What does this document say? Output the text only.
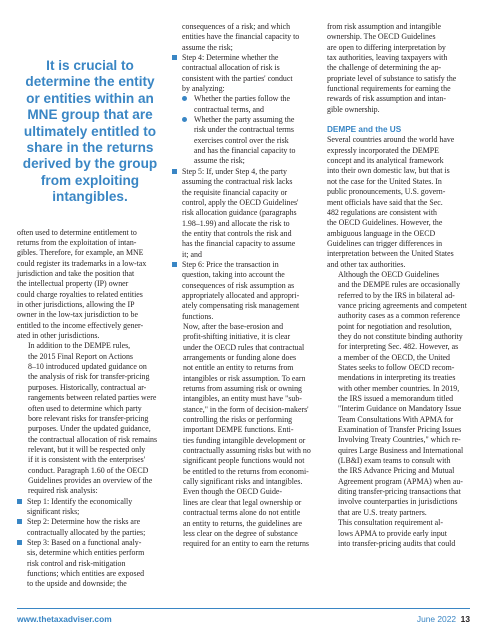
It is crucial to
determine the entity
or entities within an
MNE group that are
ultimately entitled to
share in the returns
derived by the group
from exploiting
intangibles.
often used to determine entitlement to
returns from the exploitation of intan-
gibles. Therefore, for example, an MNE
could register its trademarks in a low-tax
jurisdiction and take the position that
the intellectual property (IP) owner
could charge royalties to related entities
in other jurisdictions, allowing the IP
owner in the low-tax jurisdiction to be
entitled to the income effectively gener-
ated in other jurisdictions.
In addition to the DEMPE rules,
the 2015 Final Report on Actions
8–10 introduced updated guidance on
the analysis of risk for transfer-pricing
purposes. Historically, contractual ar-
rangements between related parties were
often used to determine which party
bore relevant risks for transfer-pricing
purposes. Under the updated guidance,
the contractual allocation of risk remains
relevant, but it will be respected only
if it is consistent with the enterprises'
conduct. Paragraph 1.60 of the OECD
Guidelines provides an overview of the
required risk analysis:
Step 1: Identify the economically
significant risks;
Step 2: Determine how the risks are
contractually allocated by the parties;
Step 3: Based on a functional analy-
sis, determine which entities perform
risk control and risk-mitigation
functions; which entities are exposed
to the upside and downside; the
consequences of a risk; and which
entities have the financial capacity to
assume the risk;
Step 4: Determine whether the
contractual allocation of risk is
consistent with the parties' conduct
by analyzing:
Whether the parties follow the
contractual terms, and
Whether the party assuming the
risk under the contractual terms
exercises control over the risk
and has the financial capacity to
assume the risk;
Step 5: If, under Step 4, the party
assuming the contractual risk lacks
the requisite financial capacity or
control, apply the OECD Guidelines'
risk allocation guidance (paragraphs
1.98–1.99) and allocate the risk to
the entity that controls the risk and
has the financial capacity to assume
it; and
Step 6: Price the transaction in
question, taking into account the
consequences of risk assumption as
appropriately allocated and appropri-
ately compensating risk management
functions.
Now, after the base-erosion and
profit-shifting initiative, it is clear
under the OECD rules that contractual
arrangements or funding alone does
not entitle an entity to returns from
intangibles or risk assumption. To earn
returns from assuming risk or owning
intangibles, an entity must have "sub-
stance," in the form of decision-makers'
controlling the risks or performing
important DEMPE functions. Enti-
ties funding intangible development or
contractually assuming risks but with no
significant people functions would not
be entitled to the returns from economi-
cally significant risks and intangibles.
Even though the OECD Guide-
lines are clear that legal ownership or
contractual terms alone do not entitle
an entity to returns, the guidelines are
less clear on the degree of substance
required for an entity to earn the returns
from risk assumption and intangible
ownership. The OECD Guidelines
are open to differing interpretation by
tax authorities, leaving taxpayers with
the challenge of determining the ap-
propriate level of substance to satisfy the
functional requirements for earning the
rewards of risk assumption and intan-
gible ownership.
DEMPE and the US
Several countries around the world have
expressly incorporated the DEMPE
concept and its analytical framework
into their own domestic law, but that is
not the case for the United States. In
public pronouncements, U.S. govern-
ment officials have said that the Sec.
482 regulations are consistent with
the OECD Guidelines. However, the
ambiguous language in the OECD
Guidelines can trigger differences in
interpretation between the United States
and other tax authorities.
Although the OECD Guidelines
and the DEMPE rules are occasionally
referred to by the IRS in bilateral ad-
vance pricing agreements and competent
authority cases as a common reference
point for negotiation and resolution,
they do not constitute binding authority
for interpreting Sec. 482. However, as
a member of the OECD, the United
States seeks to follow OECD recom-
mendations in interpreting its treaties
with other member countries. In 2019,
the IRS issued a memorandum titled
"Interim Guidance on Mandatory Issue
Team Consultations With APMA for
Examination of Transfer Pricing Issues
Involving Treaty Countries," which re-
quires Large Business and International
(LB&I) exam teams to consult with
the IRS Advance Pricing and Mutual
Agreement program (APMA) when au-
diting transfer-pricing transactions that
involve counterparties in jurisdictions
that are U.S. treaty partners.
This consultation requirement al-
lows APMA to provide early input
into transfer-pricing audits that could
www.thetaxadviser.com	June 2022 13
